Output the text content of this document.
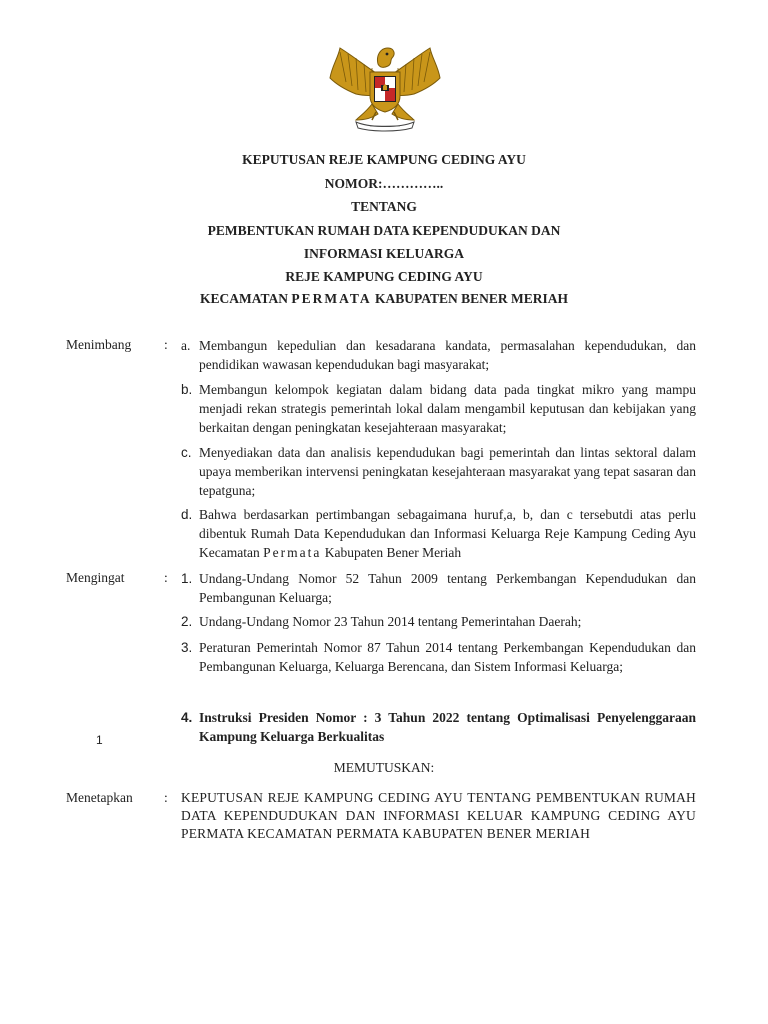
KEPUTUSAN REJE KAMPUNG CEDING AYU
NOMOR:…………..
TENTANG
PEMBENTUKAN RUMAH DATA KEPENDUDUKAN DAN
INFORMASI KELUARGA
REJE KAMPUNG CEDING AYU
KECAMATAN PERMATA KABUPATEN BENER MERIAH
Menimbang : a. Membangun kepedulian dan kesadarana kandata, permasalahan kependudukan, dan pendidikan wawasan kependudukan bagi masyarakat;
b. Membangun kelompok kegiatan dalam bidang data pada tingkat mikro yang mampu menjadi rekan strategis pemerintah lokal dalam mengambil keputusan dan kebijakan yang berkaitan dengan peningkatan kesejahteraan masyarakat;
c. Menyediakan data dan analisis kependudukan bagi pemerintah dan lintas sektoral dalam upaya memberikan intervensi peningkatan kesejahteraan masyarakat yang tepat sasaran dan tepatguna;
d. Bahwa berdasarkan pertimbangan sebagaimana huruf,a, b, dan c tersebutdi atas perlu dibentuk Rumah Data Kependudukan dan Informasi Keluarga Reje Kampung Ceding Ayu Kecamatan Permata Kabupaten Bener Meriah
Mengingat	: 1. Undang-Undang Nomor 52 Tahun 2009 tentang Perkembangan Kependudukan dan Pembangunan Keluarga;
2. Undang-Undang Nomor 23 Tahun 2014 tentang Pemerintahan Daerah;
3. Peraturan Pemerintah Nomor 87 Tahun 2014 tentang Perkembangan Kependudukan dan Pembangunan Keluarga, Keluarga Berencana, dan Sistem Informasi Keluarga;
4. Instruksi Presiden Nomor : 3 Tahun 2022 tentang Optimalisasi Penyelenggaraan Kampung Keluarga Berkualitas
1
MEMUTUSKAN:
Menetapkan : KEPUTUSAN REJE KAMPUNG CEDING AYU TENTANG PEMBENTUKAN RUMAH DATA KEPENDUDUKAN DAN INFORMASI KELUAR KAMPUNG CEDING AYU PERMATA KECAMATAN PERMATA KABUPATEN BENER MERIAH
